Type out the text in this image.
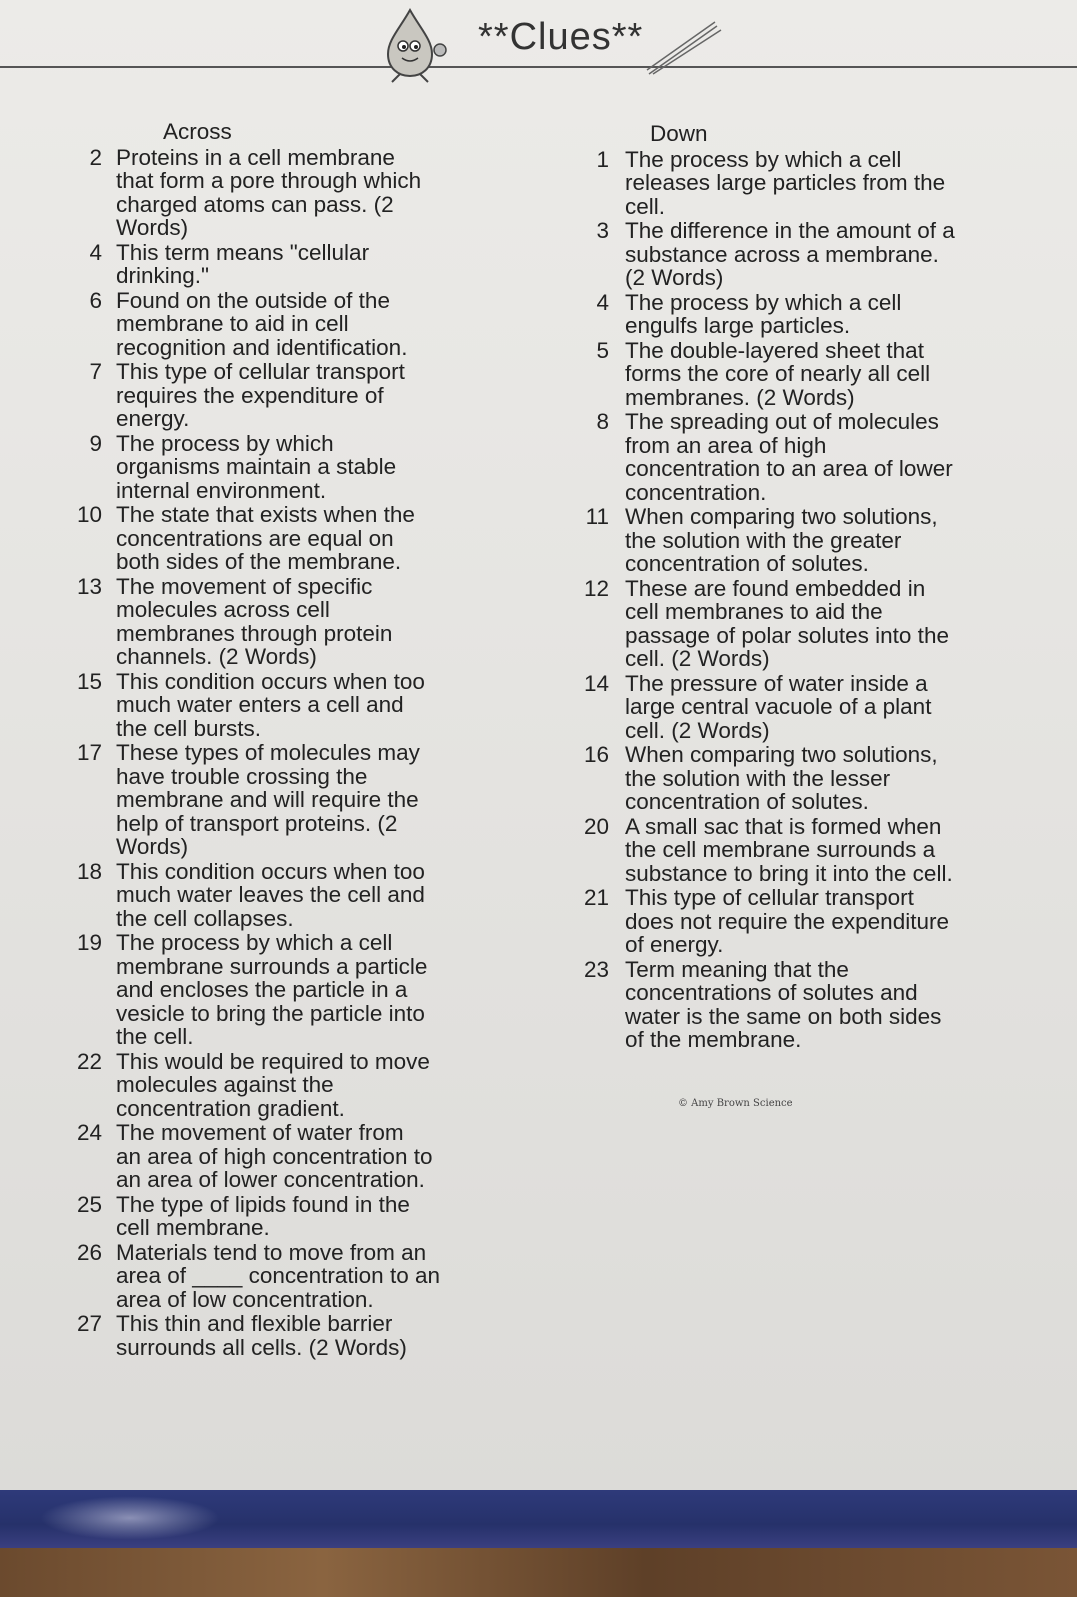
**Clues**
Across
2 Proteins in a cell membrane
that form a pore through which
charged atoms can pass. (2
Words)
4 This term means "cellular
drinking."
6 Found on the outside of the
membrane to aid in cell
recognition and identification.
7 This type of cellular transport
requires the expenditure of
energy.
9 The process by which
organisms maintain a stable
internal environment.
10 The state that exists when the
concentrations are equal on
both sides of the membrane.
13 The movement of specific
molecules across cell
membranes through protein
channels. (2 Words)
15 This condition occurs when too
much water enters a cell and
the cell bursts.
17 These types of molecules may
have trouble crossing the
membrane and will require the
help of transport proteins. (2
Words)
18 This condition occurs when too
much water leaves the cell and
the cell collapses.
19 The process by which a cell
membrane surrounds a particle
and encloses the particle in a
vesicle to bring the particle into
the cell.
22 This would be required to move
molecules against the
concentration gradient.
24 The movement of water from
an area of high concentration to
an area of lower concentration.
25 The type of lipids found in the
cell membrane.
26 Materials tend to move from an
area of ____ concentration to an
area of low concentration.
27 This thin and flexible barrier
surrounds all cells. (2 Words)
Down
1 The process by which a cell
releases large particles from the
cell.
3 The difference in the amount of a
substance across a membrane.
(2 Words)
4 The process by which a cell
engulfs large particles.
5 The double-layered sheet that
forms the core of nearly all cell
membranes. (2 Words)
8 The spreading out of molecules
from an area of high
concentration to an area of lower
concentration.
11 When comparing two solutions,
the solution with the greater
concentration of solutes.
12 These are found embedded in
cell membranes to aid the
passage of polar solutes into the
cell. (2 Words)
14 The pressure of water inside a
large central vacuole of a plant
cell. (2 Words)
16 When comparing two solutions,
the solution with the lesser
concentration of solutes.
20 A small sac that is formed when
the cell membrane surrounds a
substance to bring it into the cell.
21 This type of cellular transport
does not require the expenditure
of energy.
23 Term meaning that the
concentrations of solutes and
water is the same on both sides
of the membrane.
© Amy Brown Science
